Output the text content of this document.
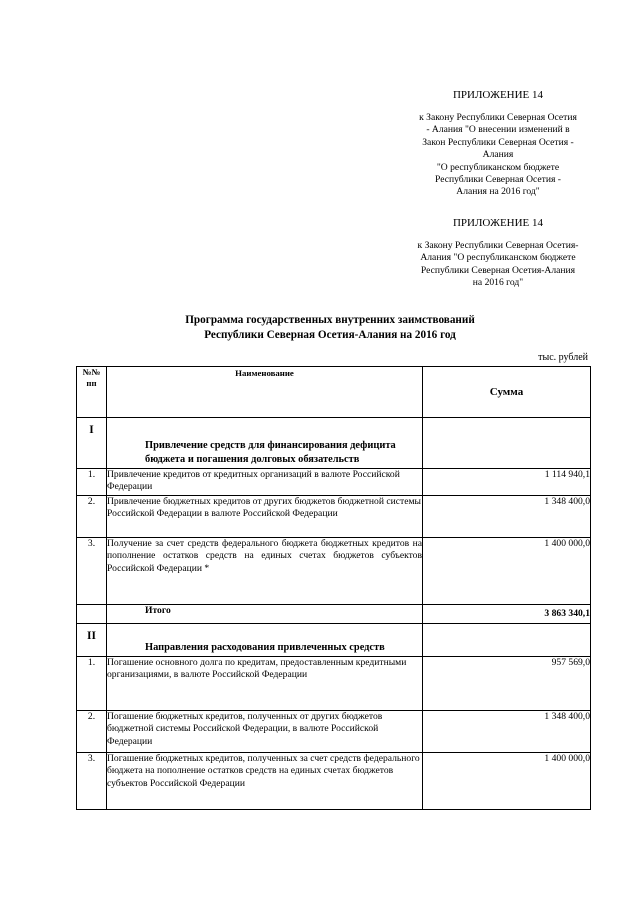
ПРИЛОЖЕНИЕ 14
к Закону Республики Северная Осетия
- Алания "О внесении изменений в
Закон Республики Северная Осетия -
Алания
"О республиканском бюджете
Республики Северная Осетия -
Алания на 2016 год"
ПРИЛОЖЕНИЕ 14
к Закону Республики Северная Осетия-
Алания "О республиканском бюджете
Республики Северная Осетия-Алания
на 2016 год"
Программа государственных внутренних заимствований
Республики Северная Осетия-Алания на 2016 год
тыс. рублей
№№ пп	Наименование	Сумма
I	Привлечение средств для финансирования дефицита бюджета и погашения долговых обязательств	
1.	Привлечение кредитов от кредитных организаций в валюте Российской Федерации	1 114 940,1
2.	Привлечение бюджетных кредитов от других бюджетов бюджетной системы Российской Федерации в валюте Российской Федерации	1 348 400,0
3.	Получение за счет средств федерального бюджета бюджетных кредитов на пополнение остатков средств на единых счетах бюджетов субъектов Российской Федерации *	1 400 000,0
	Итого	3 863 340,1
II	Направления расходования привлеченных средств	
1.	Погашение основного долга по кредитам, предоставленным кредитными организациями, в валюте Российской Федерации	957 569,0
2.	Погашение бюджетных кредитов, полученных от других бюджетов бюджетной системы Российской Федерации, в валюте Российской Федерации	1 348 400,0
3.	Погашение бюджетных кредитов, полученных за счет средств федерального бюджета на пополнение остатков средств на единых счетах бюджетов субъектов Российской Федерации	1 400 000,0
